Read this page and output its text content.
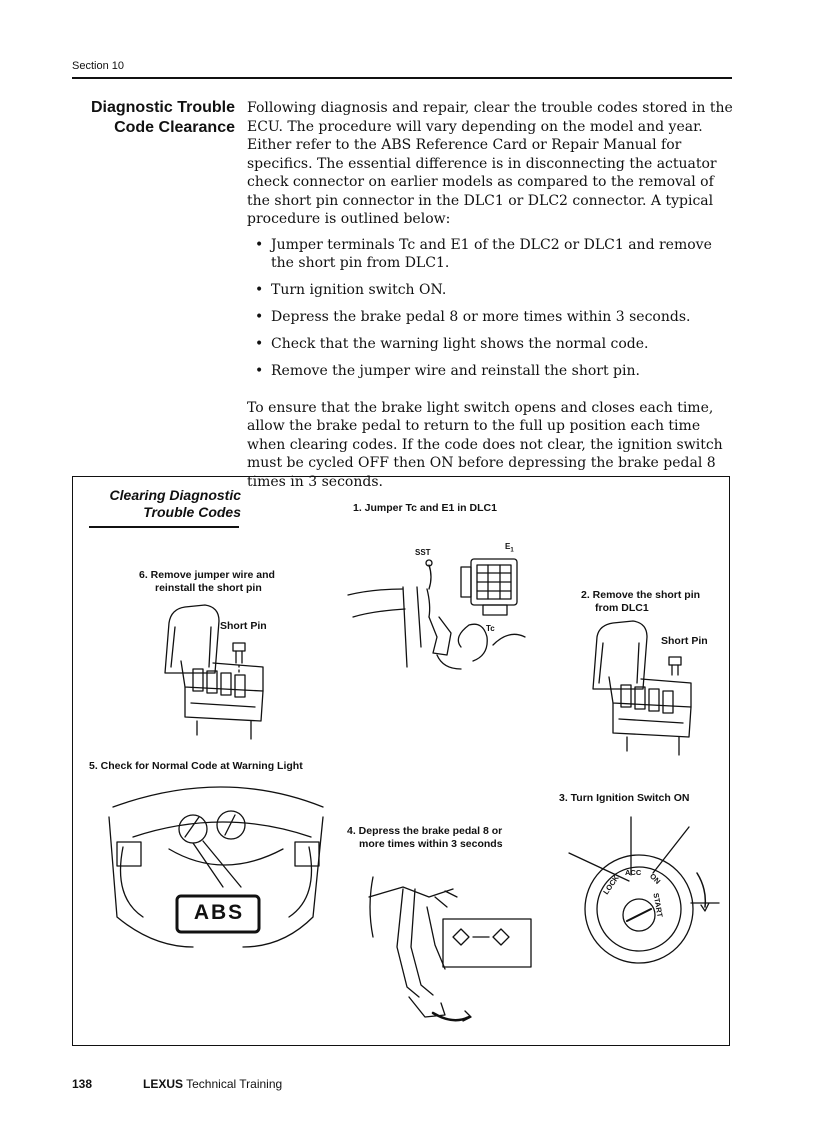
Section 10
Diagnostic Trouble
Code Clearance

Following diagnosis and repair, clear the trouble codes stored in the ECU. The procedure will vary depending on the model and year. Either refer to the ABS Reference Card or Repair Manual for specifics. The essential difference is in disconnecting the actuator check connector on earlier models as compared to the removal of the short pin connector in the DLC1 or DLC2 connector. A typical procedure is outlined below:

• Jumper terminals Tc and E1 of the DLC2 or DLC1 and remove the short pin from DLC1.
• Turn ignition switch ON.
• Depress the brake pedal 8 or more times within 3 seconds.
• Check that the warning light shows the normal code.
• Remove the jumper wire and reinstall the short pin.

To ensure that the brake light switch opens and closes each time, allow the brake pedal to return to the full up position each time when clearing codes. If the code does not clear, the ignition switch must be cycled OFF then ON before depressing the brake pedal 8 times in 3 seconds.

Clearing Diagnostic
Trouble Codes	1. Jumper Tc and E1 in DLC1
SST
$E_1$
Tc
2. Remove the short pin
from DLC1
Short Pin
6. Remove jumper wire and
reinstall the short pin
Short Pin
5. Check for Normal Code at Warning Light
ABS
3. Turn Ignition Switch ON
LOCK
ACC ON
START
4. Depress the brake pedal 8 or
more times within 3 seconds
138	LEXUS Technical Training
